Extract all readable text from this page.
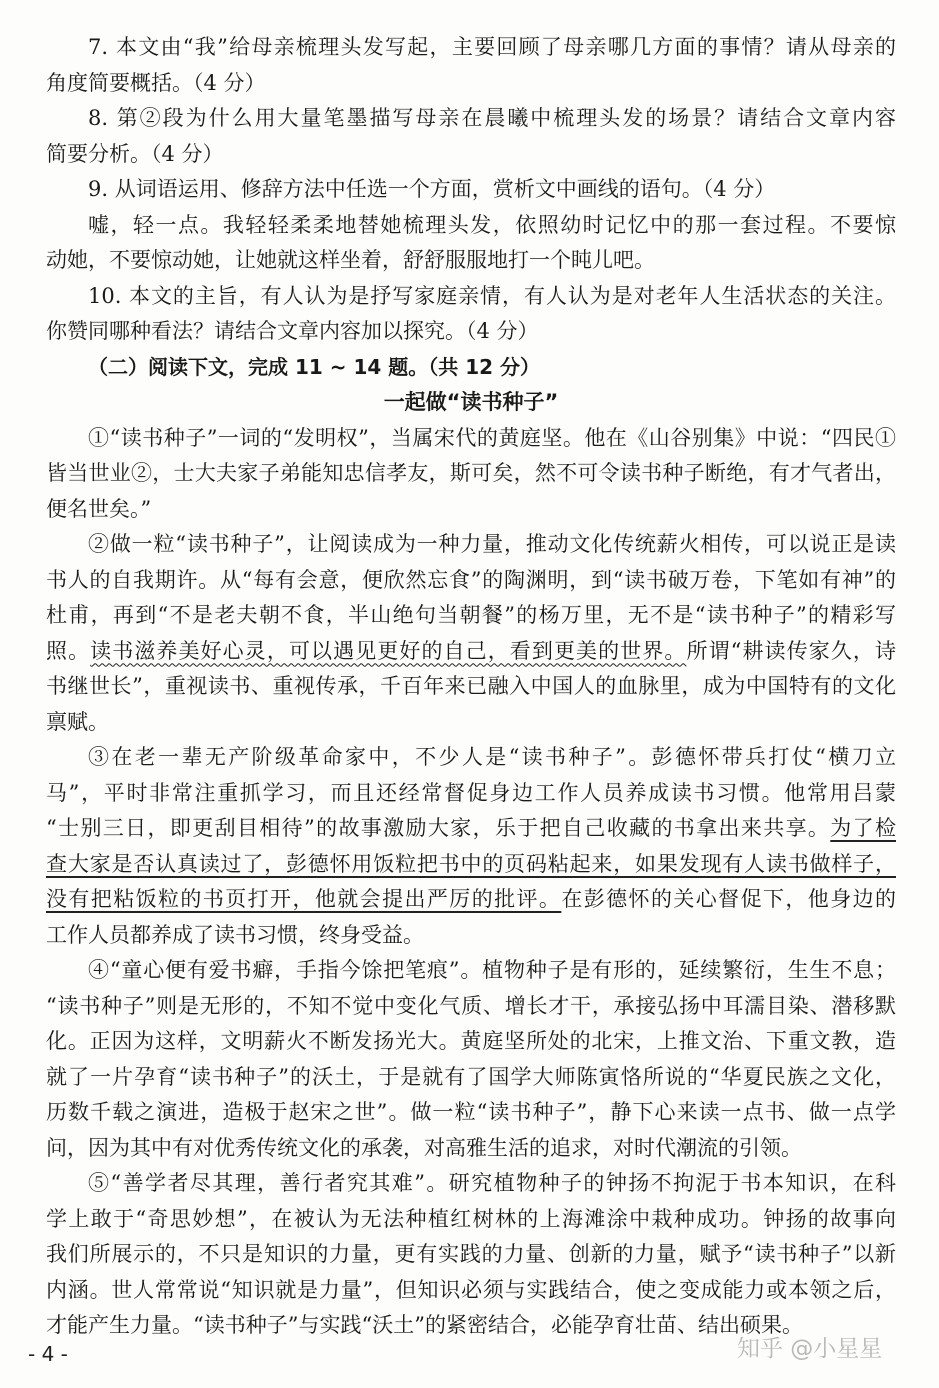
7. 本文由“我”给母亲梳理头发写起，主要回顾了母亲哪几方面的事情？请从母亲的
角度简要概括。（4 分）
8. 第②段为什么用大量笔墨描写母亲在晨曦中梳理头发的场景？请结合文章内容
简要分析。（4 分）
9. 从词语运用、修辞方法中任选一个方面，赏析文中画线的语句。（4 分）
嘘，轻一点。我轻轻柔柔地替她梳理头发，依照幼时记忆中的那一套过程。不要惊
动她，不要惊动她，让她就这样坐着，舒舒服服地打一个盹儿吧。
10. 本文的主旨，有人认为是抒写家庭亲情，有人认为是对老年人生活状态的关注。
你赞同哪种看法？请结合文章内容加以探究。（4 分）
（二）阅读下文，完成 11 ~ 14 题。（共 12 分）
一起做“读书种子”
①“读书种子”一词的“发明权”，当属宋代的黄庭坚。他在《山谷别集》中说：“四民①
皆当世业②，士大夫家子弟能知忠信孝友，斯可矣，然不可令读书种子断绝，有才气者出，
便名世矣。”
②做一粒“读书种子”，让阅读成为一种力量，推动文化传统薪火相传，可以说正是读
书人的自我期许。从“每有会意，便欣然忘食”的陶渊明，到“读书破万卷，下笔如有神”的
杜甫，再到“不是老夫朝不食，半山绝句当朝餐”的杨万里，无不是“读书种子”的精彩写
照。读书滋养美好心灵，可以遇见更好的自己，看到更美的世界。所谓“耕读传家久，诗
书继世长”，重视读书、重视传承，千百年来已融入中国人的血脉里，成为中国特有的文化
禀赋。
③在老一辈无产阶级革命家中，不少人是“读书种子”。彭德怀带兵打仗“横刀立
马”，平时非常注重抓学习，而且还经常督促身边工作人员养成读书习惯。他常用吕蒙
“士别三日，即更刮目相待”的故事激励大家，乐于把自己收藏的书拿出来共享。为了检
查大家是否认真读过了，彭德怀用饭粒把书中的页码粘起来，如果发现有人读书做样子，
没有把粘饭粒的书页打开，他就会提出严厉的批评。在彭德怀的关心督促下，他身边的
工作人员都养成了读书习惯，终身受益。
④“童心便有爱书癖，手指今馀把笔痕”。植物种子是有形的，延续繁衍，生生不息；
“读书种子”则是无形的，不知不觉中变化气质、增长才干，承接弘扬中耳濡目染、潜移默
化。正因为这样，文明薪火不断发扬光大。黄庭坚所处的北宋，上推文治、下重文教，造
就了一片孕育“读书种子”的沃土，于是就有了国学大师陈寅恪所说的“华夏民族之文化，
历数千载之演进，造极于赵宋之世”。做一粒“读书种子”，静下心来读一点书、做一点学
问，因为其中有对优秀传统文化的承袭，对高雅生活的追求，对时代潮流的引领。
⑤“善学者尽其理，善行者究其难”。研究植物种子的钟扬不拘泥于书本知识，在科
学上敢于“奇思妙想”，在被认为无法种植红树林的上海滩涂中栽种成功。钟扬的故事向
我们所展示的，不只是知识的力量，更有实践的力量、创新的力量，赋予“读书种子”以新
内涵。世人常常说“知识就是力量”，但知识必须与实践结合，使之变成能力或本领之后，
才能产生力量。“读书种子”与实践“沃土”的紧密结合，必能孕育壮苗、结出硕果。
- 4 -	知乎 @小星星
